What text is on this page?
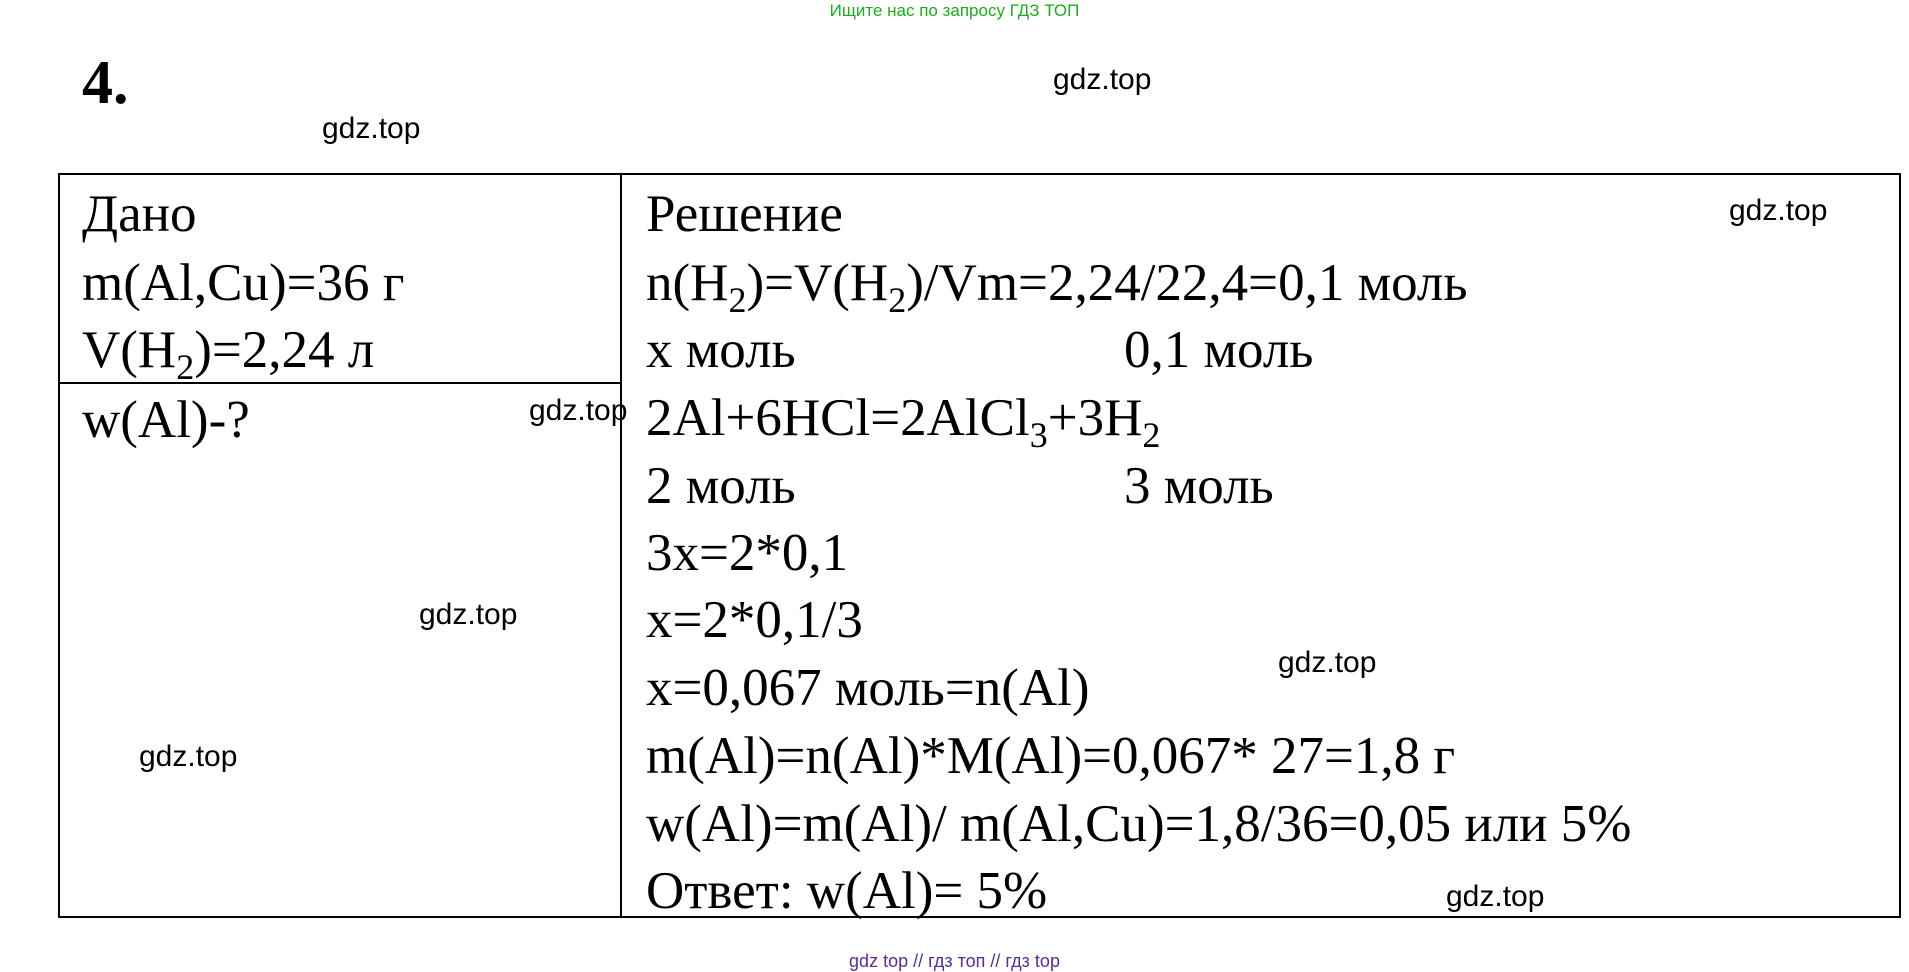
Ищите нас по запросу ГДЗ ТОП
4.	gdz.top
gdz.top
Дано
m(Al,Cu)=36 г
$V(H_2)=2,24$ л
w(Al)-?
Решение
$n(H_2)=V(H_2)/Vm=2,24/22,4=0,1$ моль
x моль	0,1 моль
$2Al+6HCl=2AlCl_3+3H_2$
2 моль	3 моль
3x=2*0,1
x=2*0,1/3
x=0,067 моль=n(Al)
m(Al)=n(Al)*M(Al)=0,067* 27=1,8 г
w(Al)=m(Al)/ m(Al,Cu)=1,8/36=0,05 или 5%
Ответ: w(Al)= 5%
gdz.top
gdz.top
gdz.top
gdz.top
gdz.top
gdz.top
gdz top // гдз топ // гдз top
